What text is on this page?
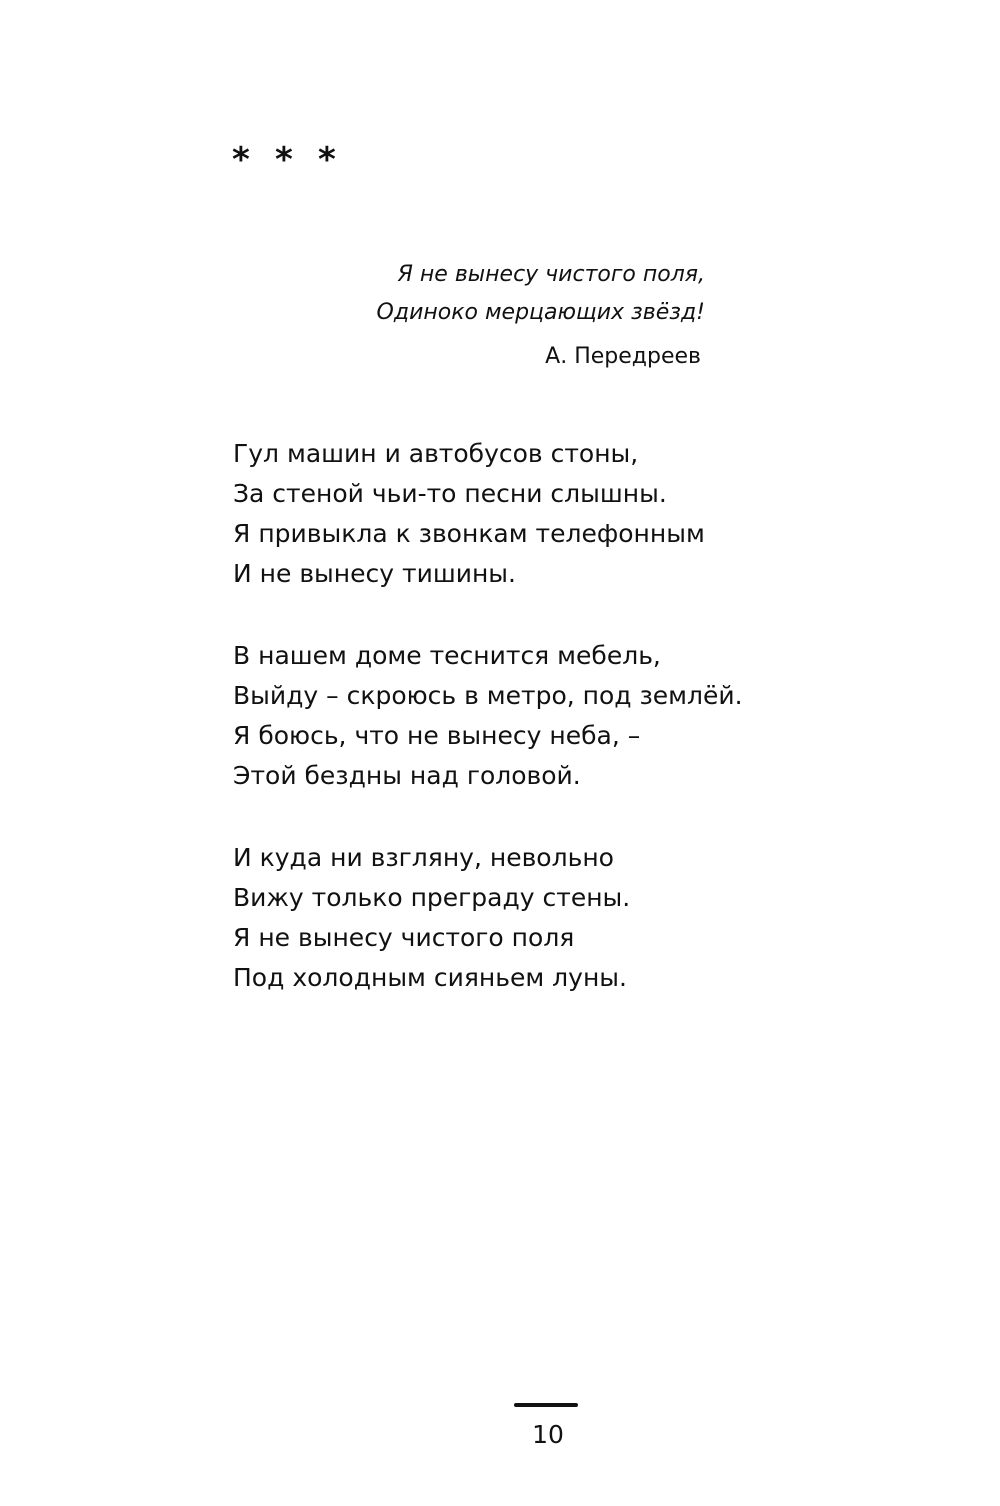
* * *
Я не вынесу чистого поля,
Одиноко мерцающих звёзд!
А. Передреев
Гул машин и автобусов стоны,
За стеной чьи-то песни слышны.
Я привыкла к звонкам телефонным
И не вынесу тишины.
В нашем доме теснится мебель,
Выйду – скроюсь в метро, под землёй.
Я боюсь, что не вынесу неба, –
Этой бездны над головой.
И куда ни взгляну, невольно
Вижу только преграду стены.
Я не вынесу чистого поля
Под холодным сияньем луны.
10
